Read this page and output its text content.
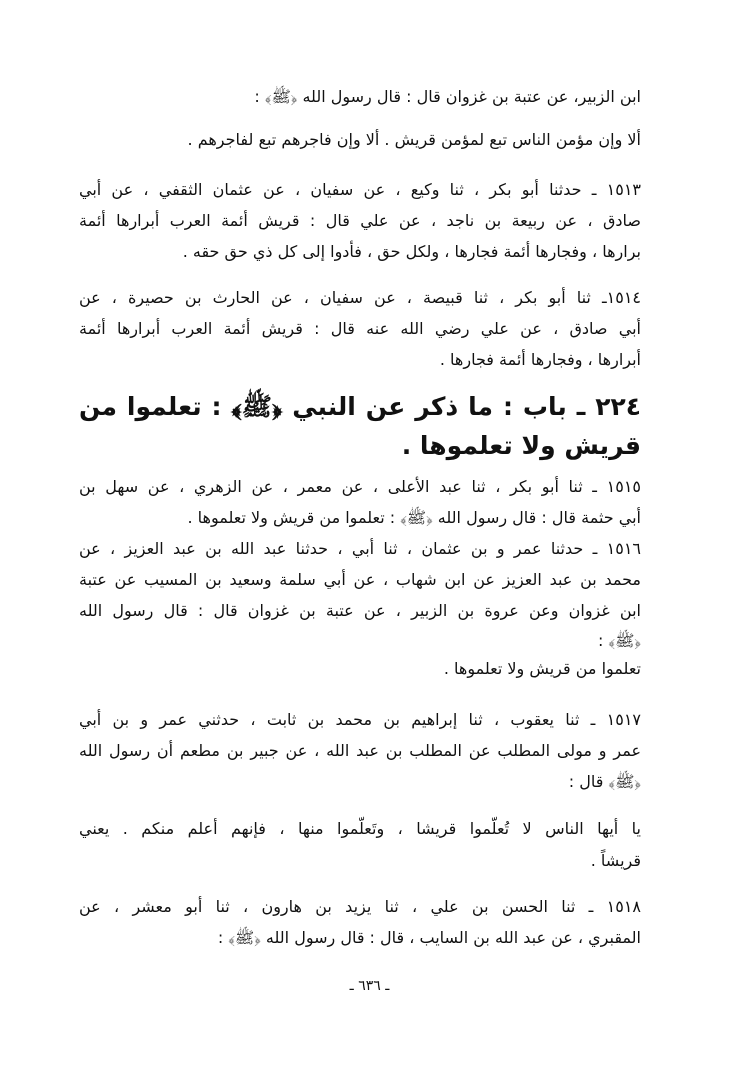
ابن الزبير، عن عتبة بن غزوان قال : قال رسول الله ﴿ﷺ﴾ :
ألا وإن مؤمن الناس تبع لمؤمن قريش . ألا وإن فاجرهم تبع لفاجرهم .
١٥١٣ ـ حدثنا أبو بكر ، ثنا وكيع ، عن سفيان ، عن عثمان الثقفي ، عن أبي
صادق ، عن ربيعة بن ناجد ، عن علي قال : قريش أئمة العرب أبرارها أئمة
برارها ، وفجارها أئمة فجارها ، ولكل حق ، فأدوا إلى كل ذي حق حقه .
١٥١٤ـ ثنا أبو بكر ، ثنا قبيصة ، عن سفيان ، عن الحارث بن حصيرة ، عن
أبي صادق ، عن علي رضي الله عنه قال : قريش أئمة العرب أبرارها أئمة
أبرارها ، وفجارها أئمة فجارها .
٢٢٤ ـ باب : ما ذكر عن النبي ﴿ﷺ﴾ : تعلموا من
قريش ولا تعلموها .
١٥١٥ ـ ثنا أبو بكر ، ثنا عبد الأعلى ، عن معمر ، عن الزهري ، عن سهل بن
أبي حثمة قال : قال رسول الله ﴿ﷺ﴾ : تعلموا من قريش ولا تعلموها .
١٥١٦ ـ حدثنا عمر و بن عثمان ، ثنا أبي ، حدثنا عبد الله بن عبد العزيز ، عن
محمد بن عبد العزيز عن ابن شهاب ، عن أبي سلمة وسعيد بن المسيب عن عتبة
ابن غزوان وعن عروة بن الزبير ، عن عتبة بن غزوان قال : قال رسول الله
﴿ﷺ﴾ :
تعلموا من قريش ولا تعلموها .
١٥١٧ ـ ثنا يعقوب ، ثنا إبراهيم بن محمد بن ثابت ، حدثني عمر و بن أبي
عمر و مولى المطلب عن المطلب بن عبد الله ، عن جبير بن مطعم أن رسول الله
﴿ﷺ﴾ قال :
يا أيها الناس لا تُعلّموا قريشا ، وتَعلّموا منها ، فإنهم أعلم منكم . يعني
قريشاً .
١٥١٨ ـ ثنا الحسن بن علي ، ثنا يزيد بن هارون ، ثنا أبو معشر ، عن
المقبري ، عن عبد الله بن السايب ، قال : قال رسول الله ﴿ﷺ﴾ :
ـ ٦٣٦ ـ
